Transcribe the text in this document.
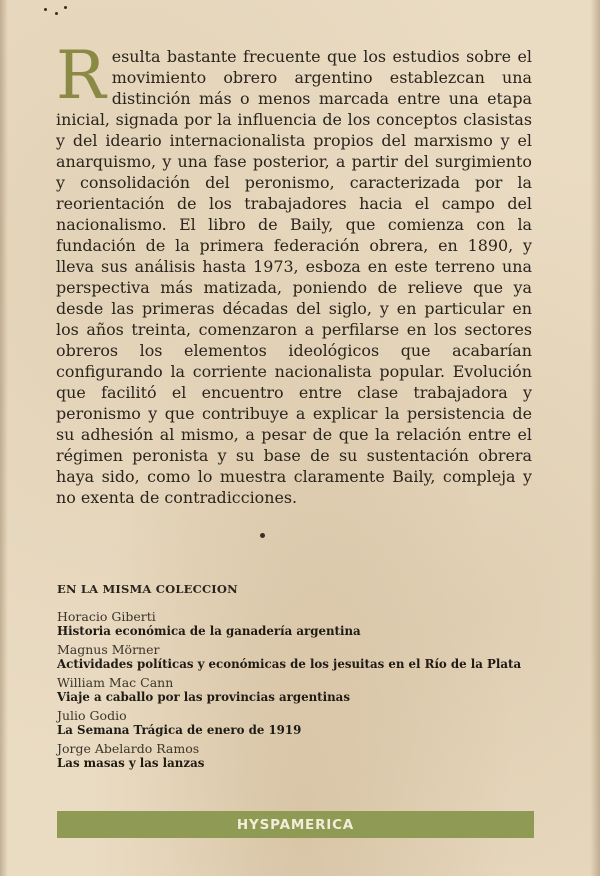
Resulta bastante frecuente que los estudios sobre el movimiento obrero argentino establezcan una distinción más o menos marcada entre una etapa inicial, signada por la influencia de los conceptos clasistas y del ideario internacionalista propios del marxismo y el anarquismo, y una fase posterior, a partir del surgimiento y consolidación del peronismo, caracterizada por la reorientación de los trabajadores hacia el campo del nacionalismo. El libro de Baily, que comienza con la fundación de la primera federación obrera, en 1890, y lleva sus análisis hasta 1973, esboza en este terreno una perspectiva más matizada, poniendo de relieve que ya desde las primeras décadas del siglo, y en particular en los años treinta, comenzaron a perfilarse en los sectores obreros los elementos ideológicos que acabarían configurando la corriente nacionalista popular. Evolución que facilitó el encuentro entre clase trabajadora y peronismo y que contribuye a explicar la persistencia de su adhesión al mismo, a pesar de que la relación entre el régimen peronista y su base de su sustentación obrera haya sido, como lo muestra claramente Baily, compleja y no exenta de contradicciones.
EN LA MISMA COLECCION
Horacio Giberti
Historia económica de la ganadería argentina
Magnus Mörner
Actividades políticas y económicas de los jesuitas en el Río de la Plata
William Mac Cann
Viaje a caballo por las provincias argentinas
Julio Godio
La Semana Trágica de enero de 1919
Jorge Abelardo Ramos
Las masas y las lanzas
HYSPAMERICA
